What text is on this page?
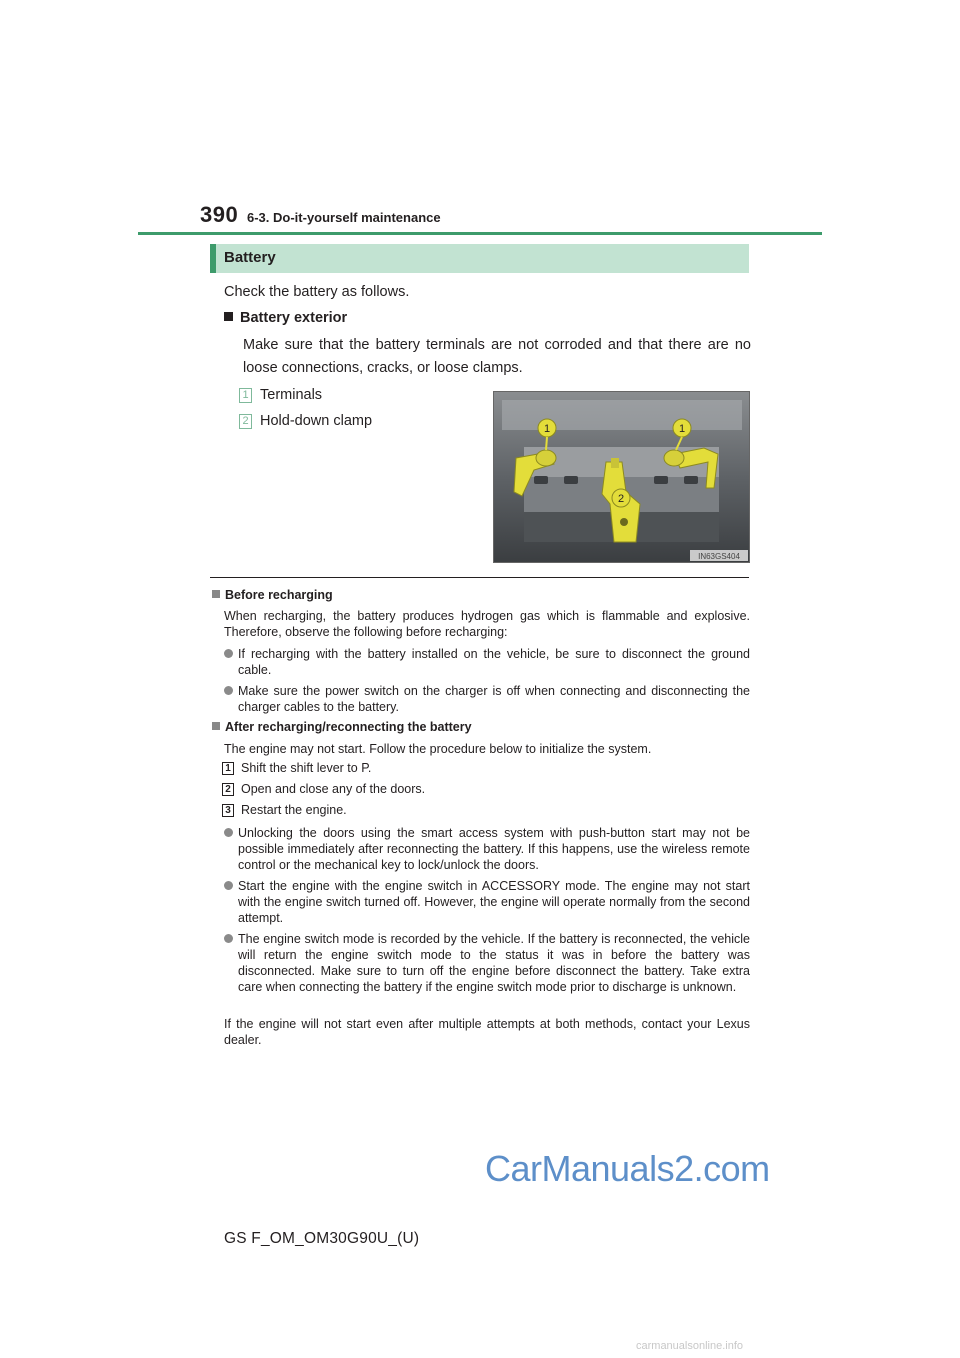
390 6-3. Do-it-yourself maintenance
Battery
Check the battery as follows.
Battery exterior
Make sure that the battery terminals are not corroded and that there are no loose connections, cracks, or loose clamps.
1 Terminals
2 Hold-down clamp	1	1
2
IN63GS404
Before recharging
When recharging, the battery produces hydrogen gas which is flammable and explosive. Therefore, observe the following before recharging:
If recharging with the battery installed on the vehicle, be sure to disconnect the ground cable.
Make sure the power switch on the charger is off when connecting and disconnecting the charger cables to the battery.
After recharging/reconnecting the battery
The engine may not start. Follow the procedure below to initialize the system.
1 Shift the shift lever to P.
2 Open and close any of the doors.
3 Restart the engine.
Unlocking the doors using the smart access system with push-button start may not be possible immediately after reconnecting the battery. If this happens, use the wireless remote control or the mechanical key to lock/unlock the doors.
Start the engine with the engine switch in ACCESSORY mode. The engine may not start with the engine switch turned off. However, the engine will operate normally from the second attempt.
The engine switch mode is recorded by the vehicle. If the battery is reconnected, the vehicle will return the engine switch mode to the status it was in before the battery was disconnected. Make sure to turn off the engine before disconnect the battery. Take extra care when connecting the battery if the engine switch mode prior to discharge is unknown.
If the engine will not start even after multiple attempts at both methods, contact your Lexus dealer.
CarManuals2.com
GS F_OM_OM30G90U_(U)
carmanualsonline.info
